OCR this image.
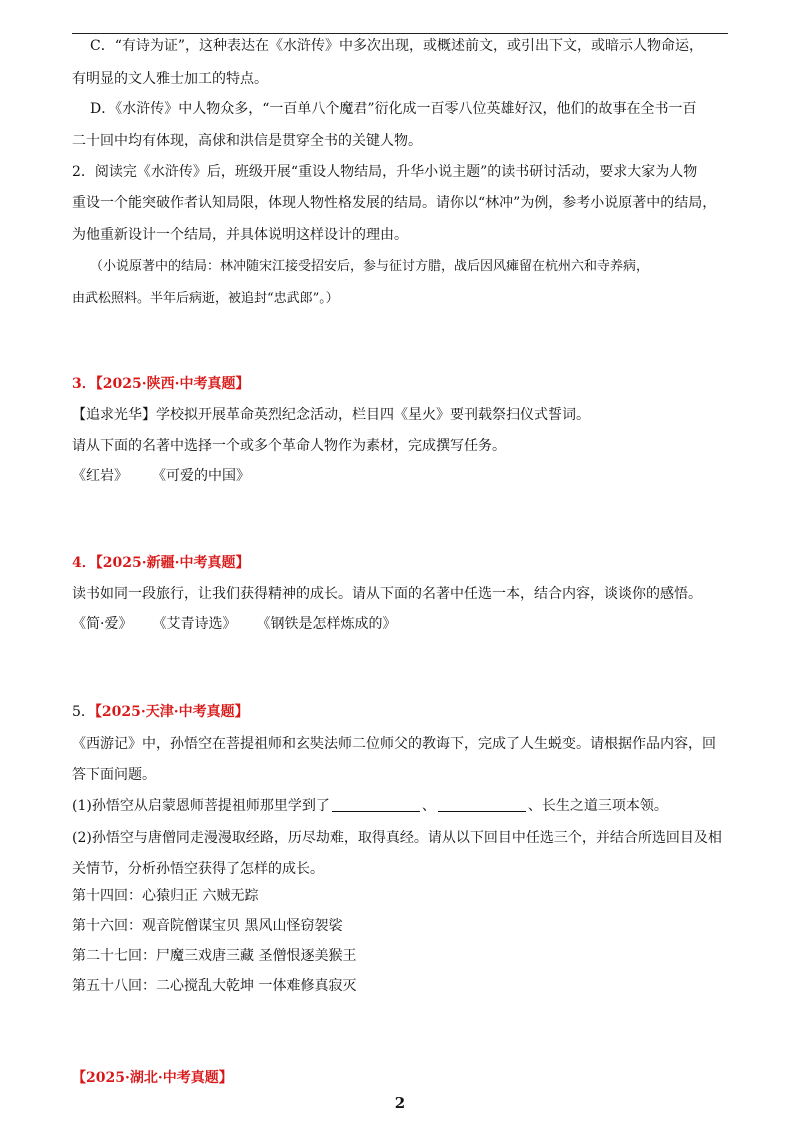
C．“有诗为证”，这种表达在《水浒传》中多次出现，或概述前文，或引出下文，或暗示人物命运，
有明显的文人雅士加工的特点。
D．《水浒传》中人物众多，“一百单八个魔君”衍化成一百零八位英雄好汉，他们的故事在全书一百
二十回中均有体现，高俅和洪信是贯穿全书的关键人物。
2．阅读完《水浒传》后，班级开展“重设人物结局，升华小说主题”的读书研讨活动，要求大家为人物
重设一个能突破作者认知局限，体现人物性格发展的结局。请你以“林冲”为例，参考小说原著中的结局，
为他重新设计一个结局，并具体说明这样设计的理由。
（小说原著中的结局：林冲随宋江接受招安后，参与征讨方腊，战后因风瘫留在杭州六和寺养病，
由武松照料。半年后病逝，被追封“忠武郎”。）
3．【2025·陕西·中考真题】
【追求光华】学校拟开展革命英烈纪念活动，栏目四《星火》要刊载祭扫仪式誓词。
请从下面的名著中选择一个或多个革命人物作为素材，完成撰写任务。
《红岩》 《可爱的中国》
4．【2025·新疆·中考真题】
读书如同一段旅行，让我们获得精神的成长。请从下面的名著中任选一本，结合内容，谈谈你的感悟。
《简·爱》 《艾青诗选》 《钢铁是怎样炼成的》
5．【2025·天津·中考真题】
《西游记》中，孙悟空在菩提祖师和玄奘法师二位师父的教诲下，完成了人生蜕变。请根据作品内容，回
答下面问题。
(1)孙悟空从启蒙恩师菩提祖师那里学到了	、	、长生之道三项本领。
(2)孙悟空与唐僧同走漫漫取经路，历尽劫难，取得真经。请从以下回目中任选三个，并结合所选回目及相
关情节，分析孙悟空获得了怎样的成长。
第十四回：心猿归正 六贼无踪
第十六回：观音院僧谋宝贝 黑风山怪窃袈裟
第二十七回：尸魔三戏唐三藏 圣僧恨逐美猴王
第五十八回：二心搅乱大乾坤 一体难修真寂灭
【2025·湖北·中考真题】
2
